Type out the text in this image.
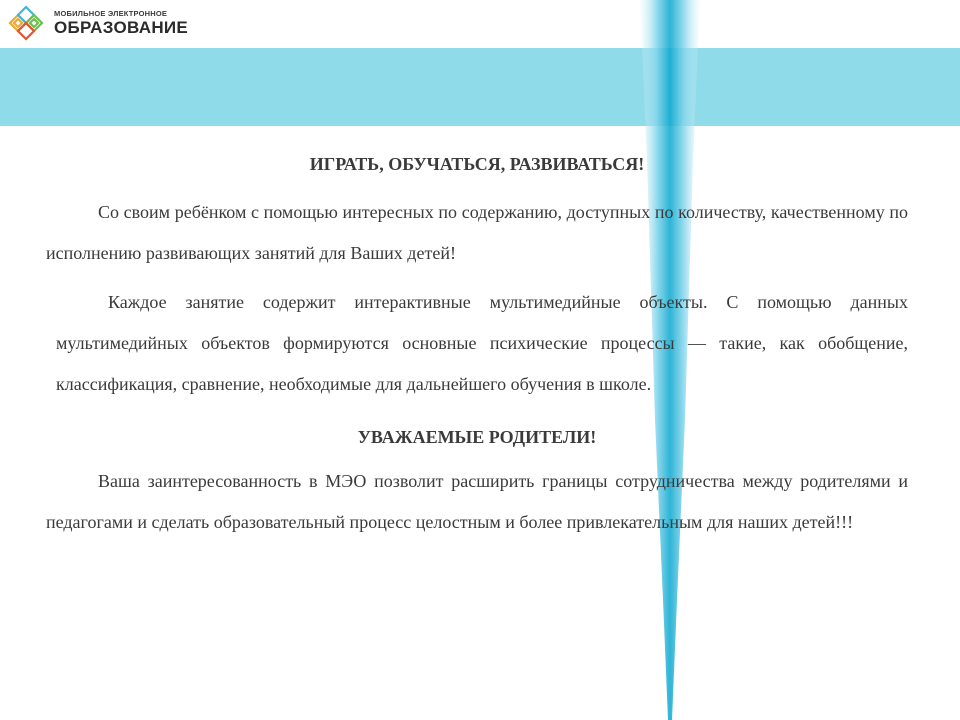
МОБИЛЬНОЕ ЭЛЕКТРОННОЕ
ОБРАЗОВАНИЕ

ИГРАТЬ, ОБУЧАТЬСЯ, РАЗВИВАТЬСЯ!

Со своим ребёнком с помощью интересных по содержанию, доступных по количеству, качественному по исполнению развивающих занятий для Ваших детей!

Каждое занятие содержит интерактивные мультимедийные объекты. С помощью данных мультимедийных объектов формируются основные психические процессы — такие, как обобщение, классификация, сравнение, необходимые для дальнейшего обучения в школе.

УВАЖАЕМЫЕ РОДИТЕЛИ!

Ваша заинтересованность в МЭО позволит расширить границы сотрудничества между родителями и педагогами и сделать образовательный процесс целостным и более привлекательным для наших детей!!!
